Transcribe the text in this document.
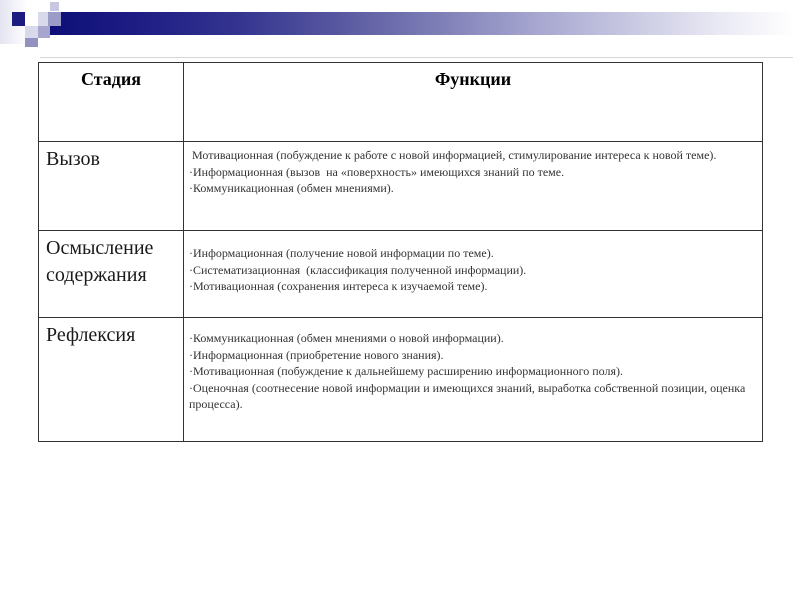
Стадия	Функции
Вызов	Мотивационная (побуждение к работе с новой информацией, стимулирование интереса к новой теме).
·Информационная (вызов  на «поверхность» имеющихся знаний по теме.
·Коммуникационная (обмен мнениями).

Осмысление содержания	·Информационная (получение новой информации по теме).
·Систематизационная  (классификация полученной информации).
·Мотивационная (сохранения интереса к изучаемой теме).

Рефлексия	·Коммуникационная (обмен мнениями о новой информации).
·Информационная (приобретение нового знания).
·Мотивационная (побуждение к дальнейшему расширению информационного поля).
·Оценочная (соотнесение новой информации и имеющихся знаний, выработка собственной позиции, оценка процесса).
